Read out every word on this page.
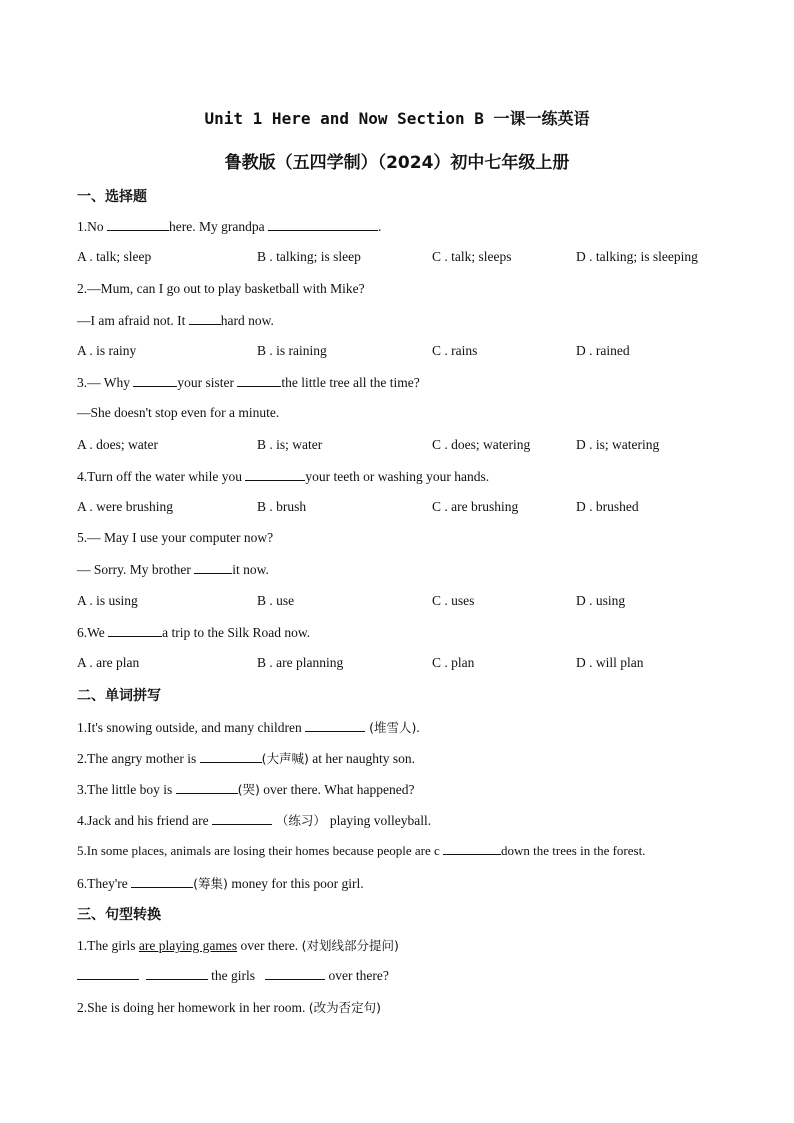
Unit 1 Here and Now Section B 一课一练英语
鲁教版（五四学制）（2024）初中七年级上册
一、选择题
1.No	here. My grandpa	.
A . talk; sleep	B . talking; is sleep	C . talk; sleeps	D . talking; is sleeping
2.—Mum, can I go out to play basketball with Mike?
—I am afraid not. It hard now.
A . is rainy	B . is raining	C . rains	D . rained
3.— Why	your sister	the little tree all the time?
—She doesn't stop even for a minute.
A . does; water	B . is; water	C . does; watering	D . is; watering
4.Turn off the water while you	your teeth or washing your hands.
A . were brushing	B . brush	C . are brushing	D . brushed
5.— May I use your computer now?
— Sorry. My brother	it now.
A . is using	B . use	C . uses	D . using
6.We	a trip to the Silk Road now.
A . are plan	B . are planning	C . plan	D . will plan
二、单词拼写
1.It's snowing outside, and many children	(堆雪人).
2.The angry mother is	(大声喊) at her naughty son.
3.The little boy is	(哭) over there. What happened?
4.Jack and his friend are	（练习） playing volleyball.
5.In some places, animals are losing their homes because people are c	down the trees in the forest.
6.They're	(筹集) money for this poor girl.
三、句型转换
1.The girls are playing games over there. (对划线部分提问)
the girls	over there?
2.She is doing her homework in her room. (改为否定句)
